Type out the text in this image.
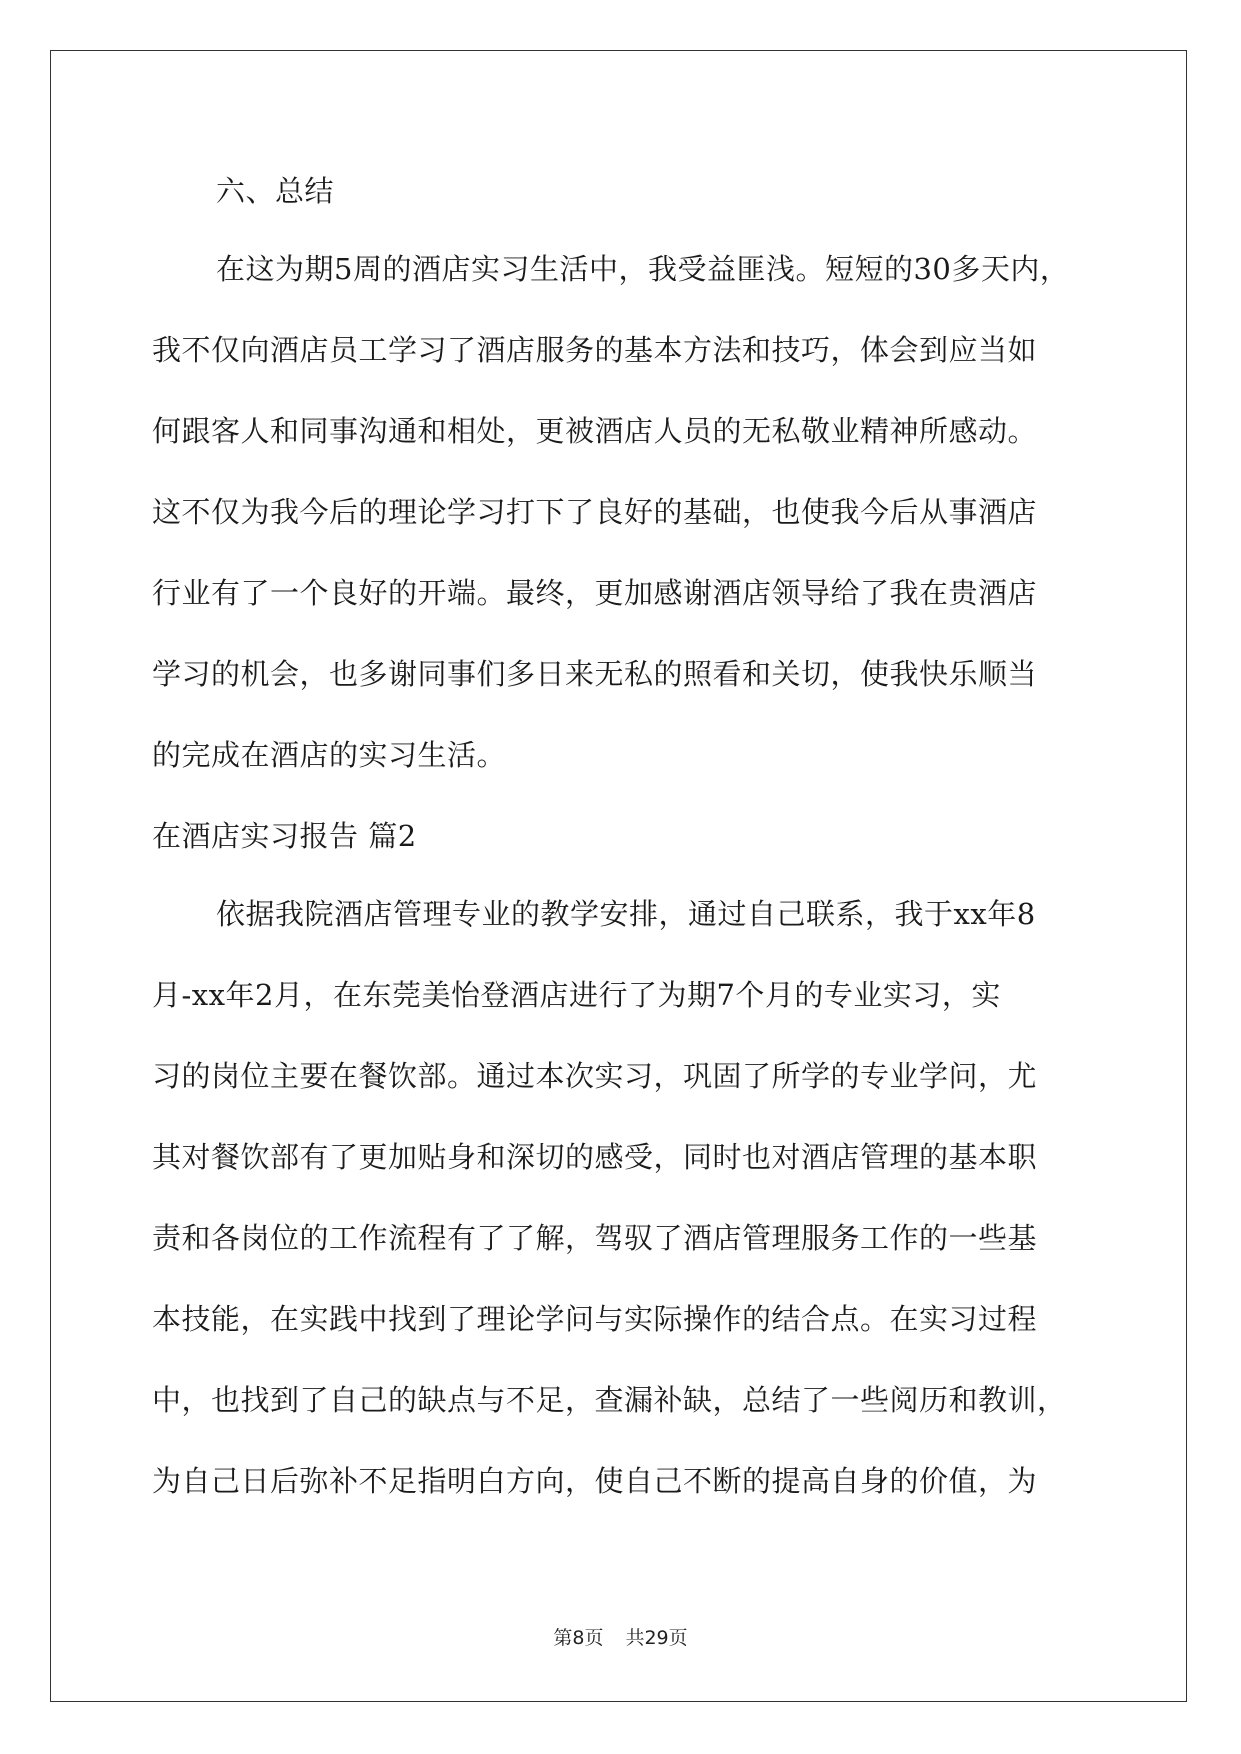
六、总结
在这为期5周的酒店实习生活中，我受益匪浅。短短的30多天内，
我不仅向酒店员工学习了酒店服务的基本方法和技巧，体会到应当如
何跟客人和同事沟通和相处，更被酒店人员的无私敬业精神所感动。
这不仅为我今后的理论学习打下了良好的基础，也使我今后从事酒店
行业有了一个良好的开端。最终，更加感谢酒店领导给了我在贵酒店
学习的机会，也多谢同事们多日来无私的照看和关切，使我快乐顺当
的完成在酒店的实习生活。
在酒店实习报告 篇2
依据我院酒店管理专业的教学安排，通过自己联系，我于xx年8
月-xx年2月，在东莞美怡登酒店进行了为期7个月的专业实习，实
习的岗位主要在餐饮部。通过本次实习，巩固了所学的专业学问，尤
其对餐饮部有了更加贴身和深切的感受，同时也对酒店管理的基本职
责和各岗位的工作流程有了了解，驾驭了酒店管理服务工作的一些基
本技能，在实践中找到了理论学问与实际操作的结合点。在实习过程
中，也找到了自己的缺点与不足，查漏补缺，总结了一些阅历和教训，
为自己日后弥补不足指明白方向，使自己不断的提高自身的价值，为
第8页 共29页
